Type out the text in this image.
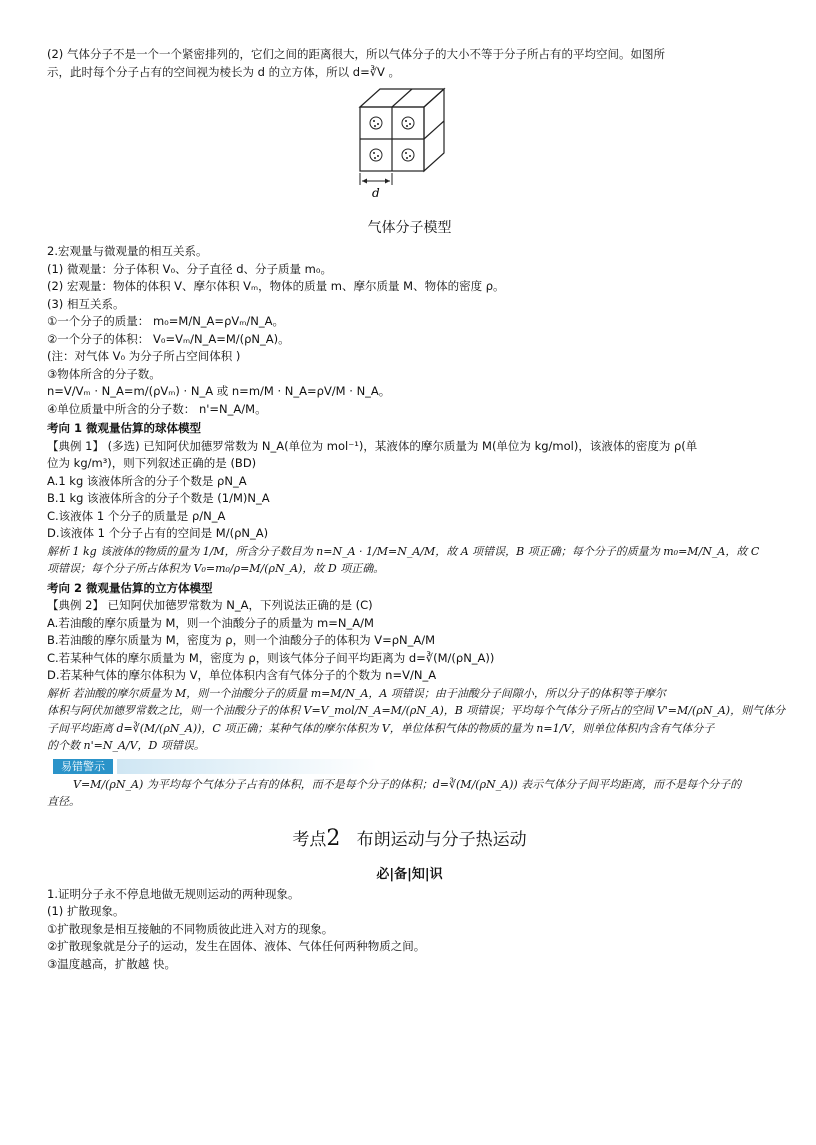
(2) 气体分子不是一个一个紧密排列的，它们之间的距离很大，所以气体分子的大小不等于分子所占有的平均空间。如图所
示，此时每个分子占有的空间视为棱长为 d 的立方体，所以 d=∛V 。
d
气体分子模型
2.宏观量与微观量的相互关系。
(1) 微观量：分子体积 V₀、分子直径 d、分子质量 m₀。
(2) 宏观量：物体的体积 V、摩尔体积 Vₘ，物体的质量 m、摩尔质量 M、物体的密度 ρ。
(3) 相互关系。
①一个分子的质量： m₀=M/N_A=ρVₘ/N_A。
②一个分子的体积： V₀=Vₘ/N_A=M/(ρN_A)。
(注：对气体 V₀ 为分子所占空间体积 )
③物体所含的分子数。
n=V/Vₘ · N_A=m/(ρVₘ) · N_A 或 n=m/M · N_A=ρV/M · N_A。
④单位质量中所含的分子数： n'=N_A/M。
考向 1 微观量估算的球体模型
【典例 1】 (多选) 已知阿伏加德罗常数为 N_A(单位为 mol⁻¹)，某液体的摩尔质量为 M(单位为 kg/mol)，该液体的密度为 ρ(单
位为 kg/m³)，则下列叙述正确的是 (BD)
A.1 kg 该液体所含的分子个数是 ρN_A
B.1 kg 该液体所含的分子个数是 (1/M)N_A
C.该液体 1 个分子的质量是 ρ/N_A
D.该液体 1 个分子占有的空间是 M/(ρN_A)
解析 1 kg 该液体的物质的量为 1/M，所含分子数目为 n=N_A · 1/M=N_A/M，故 A 项错误，B 项正确；每个分子的质量为 m₀=M/N_A，故 C
项错误；每个分子所占体积为 V₀=m₀/ρ=M/(ρN_A)，故 D 项正确。
考向 2 微观量估算的立方体模型
【典例 2】 已知阿伏加德罗常数为 N_A，下列说法正确的是 (C)
A.若油酸的摩尔质量为 M，则一个油酸分子的质量为 m=N_A/M
B.若油酸的摩尔质量为 M，密度为 ρ，则一个油酸分子的体积为 V=ρN_A/M
C.若某种气体的摩尔质量为 M，密度为 ρ，则该气体分子间平均距离为 d=∛(M/(ρN_A))
D.若某种气体的摩尔体积为 V，单位体积内含有气体分子的个数为 n=V/N_A
解析 若油酸的摩尔质量为 M，则一个油酸分子的质量 m=M/N_A，A 项错误；由于油酸分子间隙小，所以分子的体积等于摩尔
体积与阿伏加德罗常数之比，则一个油酸分子的体积 V=V_mol/N_A=M/(ρN_A)，B 项错误；平均每个气体分子所占的空间 V'=M/(ρN_A)，则气体分
子间平均距离 d=∛(M/(ρN_A))，C 项正确；某种气体的摩尔体积为 V，单位体积气体的物质的量为 n=1/V，则单位体积内含有气体分子
的个数 n'=N_A/V，D 项错误。
易错警示
V=M/(ρN_A) 为平均每个气体分子占有的体积，而不是每个分子的体积；d=∛(M/(ρN_A)) 表示气体分子间平均距离，而不是每个分子的
直径。
考点2 布朗运动与分子热运动
必|备|知|识
1.证明分子永不停息地做无规则运动的两种现象。
(1) 扩散现象。
①扩散现象是相互接触的不同物质彼此进入对方的现象。
②扩散现象就是分子的运动，发生在固体、液体、气体任何两种物质之间。
③温度越高，扩散越 快。
